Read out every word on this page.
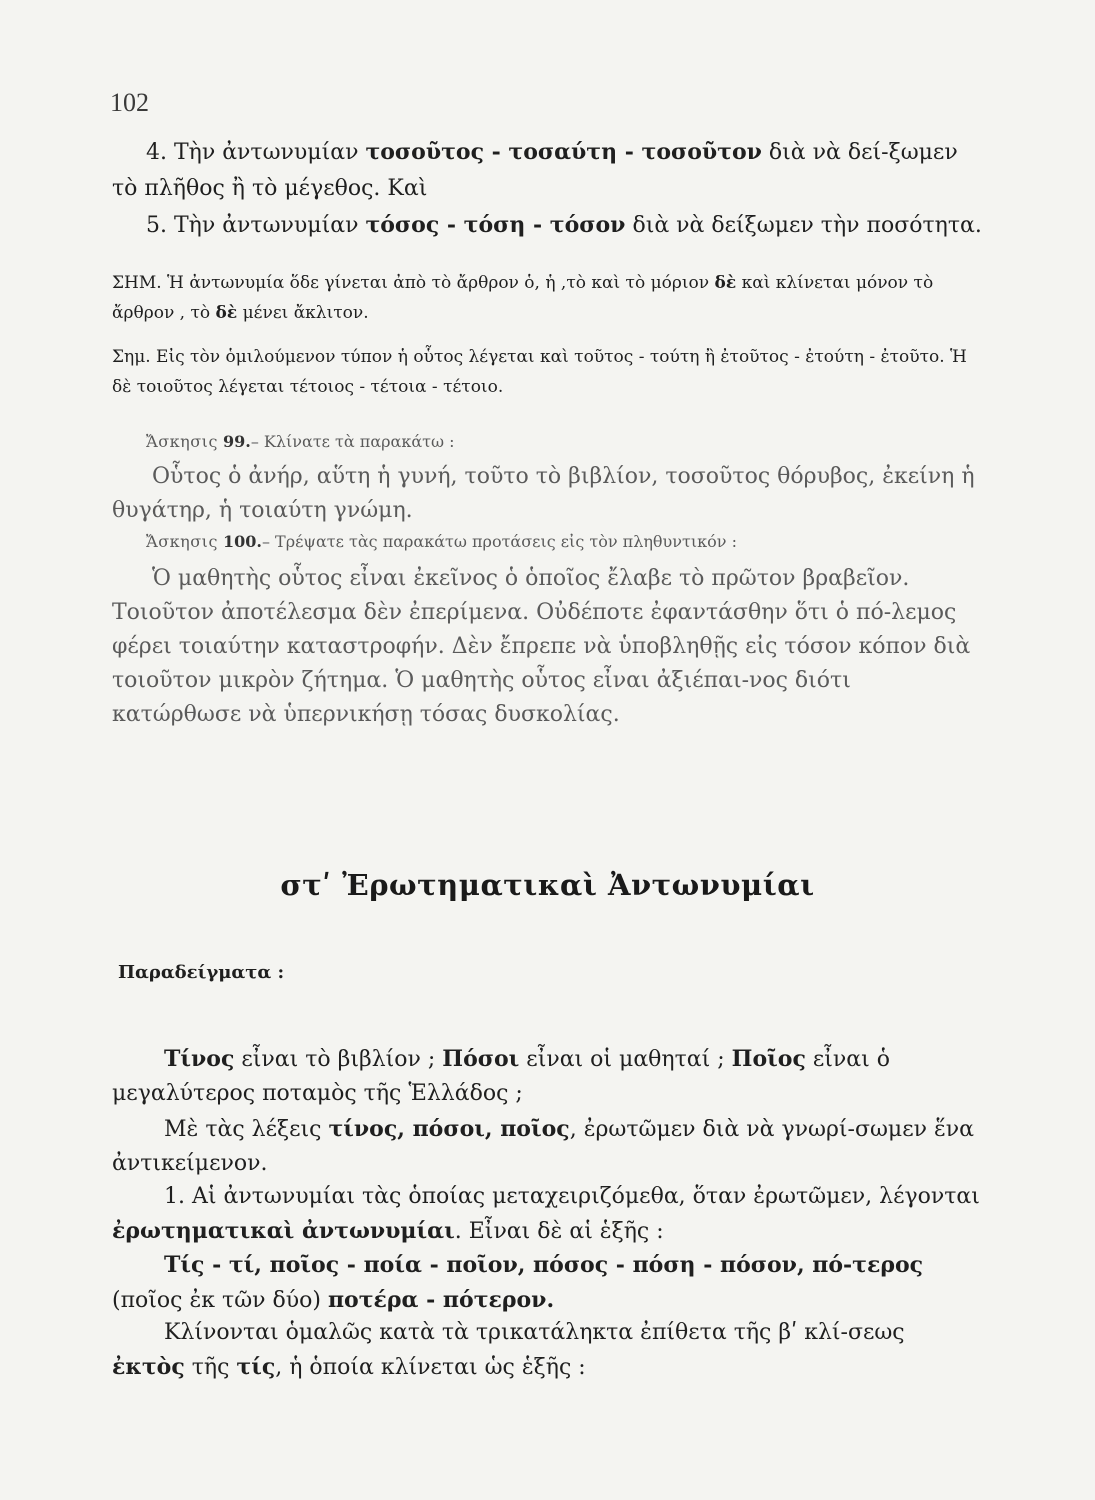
102

4. Τὴν ἀντωνυμίαν τοσοῦτος - τοσαύτη - τοσοῦτον διὰ νὰ δεί-ξωμεν τὸ πλῆθος ἢ τὸ μέγεθος. Καὶ

5. Τὴν ἀντωνυμίαν τόσος - τόση - τόσον διὰ νὰ δείξωμεν τὴν ποσότητα.

ΣΗΜ. Ἡ ἀντωνυμία ὅδε γίνεται ἀπὸ τὸ ἄρθρον ὁ, ἡ ,τὸ καὶ τὸ μόριον δὲ καὶ κλίνεται μόνον τὸ ἄρθρον , τὸ δὲ μένει ἄκλιτον.

Σημ. Εἰς τὸν ὁμιλούμενον τύπον ἡ οὗτος λέγεται καὶ τοῦτος - τούτη ἢ ἐτοῦτος - ἐτούτη - ἐτοῦτο. Ἡ δὲ τοιοῦτος λέγεται τέτοιος - τέτοια - τέτοιο.

Ἄσκησις 99.– Κλίνατε τὰ παρακάτω :

Οὗτος ὁ ἀνήρ, αὕτη ἡ γυνή, τοῦτο τὸ βιβλίον, τοσοῦτος θόρυβος, ἐκείνη ἡ θυγάτηρ, ἡ τοιαύτη γνώμη.

Ἄσκησις 100.– Τρέψατε τὰς παρακάτω προτάσεις εἰς τὸν πληθυντικόν :

Ὁ μαθητὴς οὗτος εἶναι ἐκεῖνος ὁ ὁποῖος ἔλαβε τὸ πρῶτον βραβεῖον. Τοιοῦτον ἀποτέλεσμα δὲν ἐπερίμενα. Οὐδέποτε ἐφαντάσθην ὅτι ὁ πό-λεμος φέρει τοιαύτην καταστροφήν. Δὲν ἔπρεπε νὰ ὑποβληθῇς εἰς τόσον κόπον διὰ τοιοῦτον μικρὸν ζήτημα. Ὁ μαθητὴς οὗτος εἶναι ἀξιέπαι-νος διότι κατώρθωσε νὰ ὑπερνικήσῃ τόσας δυσκολίας.

στʹ Ἐρωτηματικαὶ Ἀντωνυμίαι
Παραδείγματα :

Τίνος εἶναι τὸ βιβλίον ; Πόσοι εἶναι οἱ μαθηταί ; Ποῖος εἶναι ὁ μεγαλύτερος ποταμὸς τῆς Ἑλλάδος ;

Μὲ τὰς λέξεις τίνος, πόσοι, ποῖος, ἐρωτῶμεν διὰ νὰ γνωρί-σωμεν ἕνα ἀντικείμενον.

1. Αἱ ἀντωνυμίαι τὰς ὁποίας μεταχειριζόμεθα, ὅταν ἐρωτῶμεν, λέγονται ἐρωτηματικαὶ ἀντωνυμίαι. Εἶναι δὲ αἱ ἑξῆς :

Τίς - τί, ποῖος - ποία - ποῖον, πόσος - πόση - πόσον, πό-τερος (ποῖος ἐκ τῶν δύο) ποτέρα - πότερον.

Κλίνονται ὁμαλῶς κατὰ τὰ τρικατάληκτα ἐπίθετα τῆς βʹ κλί-σεως ἐκτὸς τῆς τίς, ἡ ὁποία κλίνεται ὡς ἑξῆς :
